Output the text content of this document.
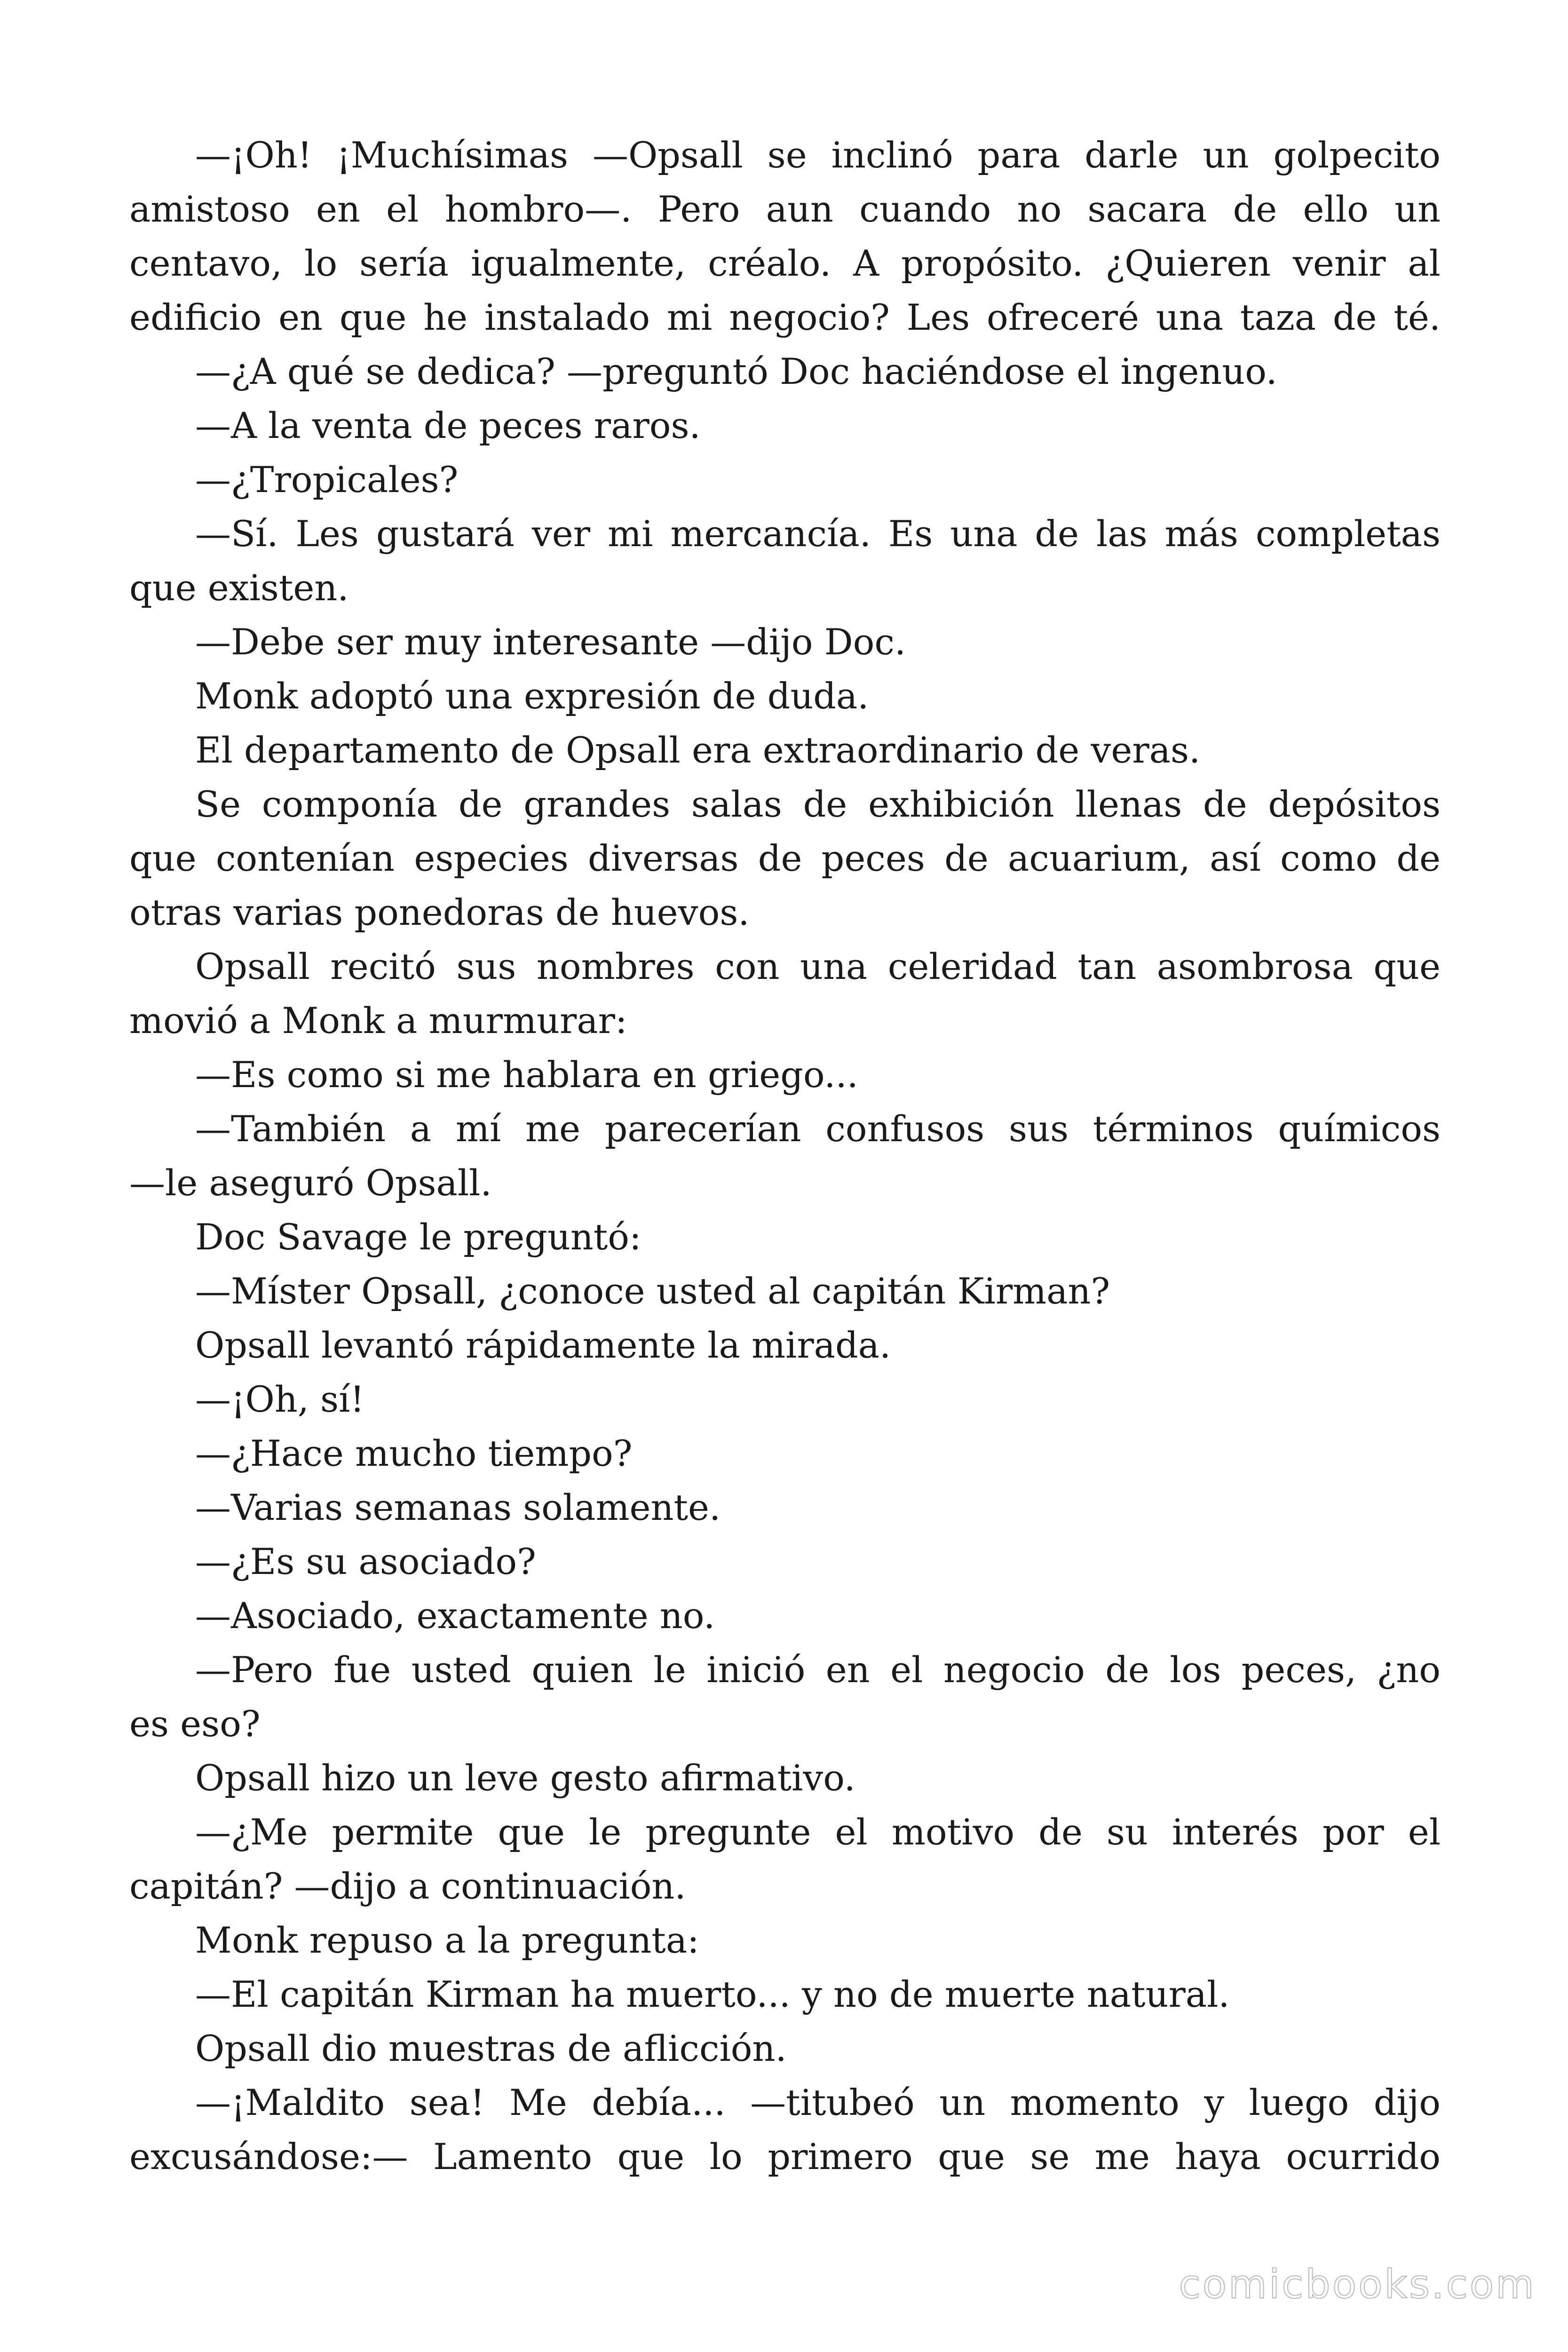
—¡Oh! ¡Muchísimas —Opsall se inclinó para darle un golpecito
amistoso en el hombro—. Pero aun cuando no sacara de ello un
centavo, lo sería igualmente, créalo. A propósito. ¿Quieren venir al
edificio en que he instalado mi negocio? Les ofreceré una taza de té.
—¿A qué se dedica? —preguntó Doc haciéndose el ingenuo.
—A la venta de peces raros.
—¿Tropicales?
—Sí. Les gustará ver mi mercancía. Es una de las más completas
que existen.
—Debe ser muy interesante —dijo Doc.
Monk adoptó una expresión de duda.
El departamento de Opsall era extraordinario de veras.
Se componía de grandes salas de exhibición llenas de depósitos
que contenían especies diversas de peces de acuarium, así como de
otras varias ponedoras de huevos.
Opsall recitó sus nombres con una celeridad tan asombrosa que
movió a Monk a murmurar:
—Es como si me hablara en griego...
—También a mí me parecerían confusos sus términos químicos
—le aseguró Opsall.
Doc Savage le preguntó:
—Míster Opsall, ¿conoce usted al capitán Kirman?
Opsall levantó rápidamente la mirada.
—¡Oh, sí!
—¿Hace mucho tiempo?
—Varias semanas solamente.
—¿Es su asociado?
—Asociado, exactamente no.
—Pero fue usted quien le inició en el negocio de los peces, ¿no
es eso?
Opsall hizo un leve gesto afirmativo.
—¿Me permite que le pregunte el motivo de su interés por el
capitán? —dijo a continuación.
Monk repuso a la pregunta:
—El capitán Kirman ha muerto... y no de muerte natural.
Opsall dio muestras de aflicción.
—¡Maldito sea! Me debía... —titubeó un momento y luego dijo
excusándose:— Lamento que lo primero que se me haya ocurrido
comicbooks.com
